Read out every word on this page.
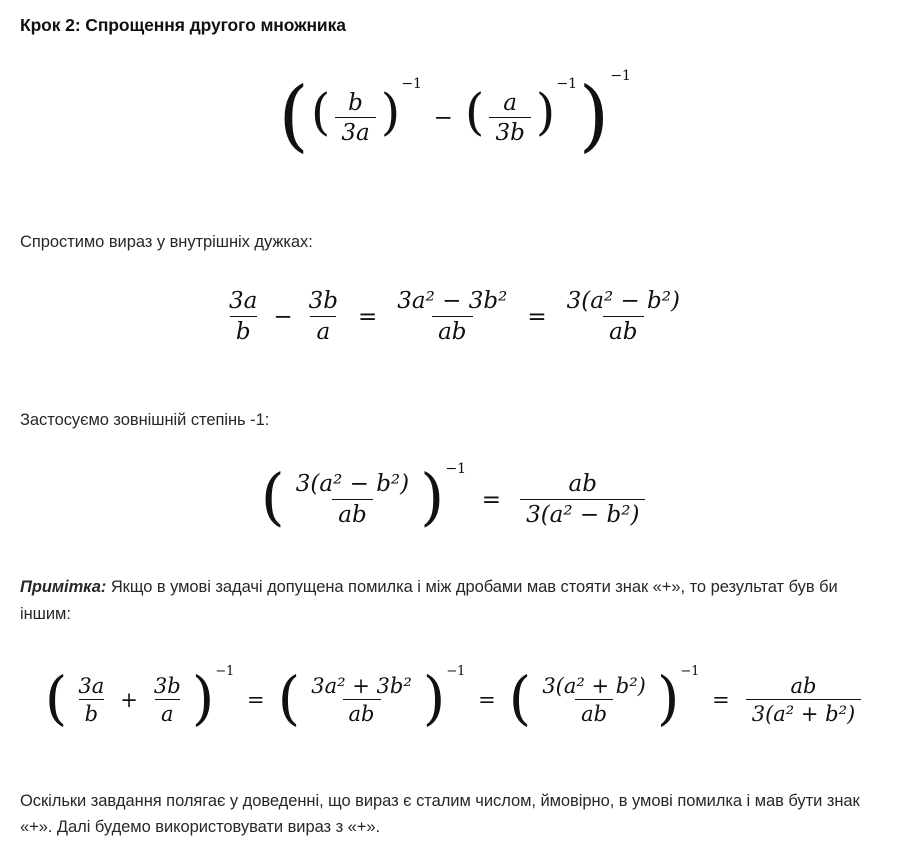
Крок 2: Спрощення другого множника
( ( $\frac{b}{3a}$ ) −1
− ( $\frac{a}{3b}$ ) −1 ) −1

Спростимо вираз у внутрішніх дужках:

$\frac{3a}{b} - \frac{3b}{a} = \frac{\text{3a² − 3b²}}{ab} = \frac{\text{3(a² − b²)}}{ab}$

Застосуємо зовнішній степінь -1:

( $\frac{\text{3(a² − b²)}}{ab}$ ) −1
= $\frac{ab}{\text{3(a² − b²)}}$

Примітка: Якщо в умові задачі допущена помилка і між дробами мав стояти знак «+», то результат був би іншим:

( $\frac{3a}{b} + \frac{3b}{a}$ ) −1
= ( $\frac{\text{3a² + 3b²}}{ab}$ ) −1
= ( $\frac{\text{3(a² + b²)}}{ab}$ ) −1
= $\frac{ab}{\text{3(a² + b²)}}$

Оскільки завдання полягає у доведенні, що вираз є сталим числом, ймовірно, в умові помилка і мав бути знак «+». Далі будемо використовувати вираз з «+».
